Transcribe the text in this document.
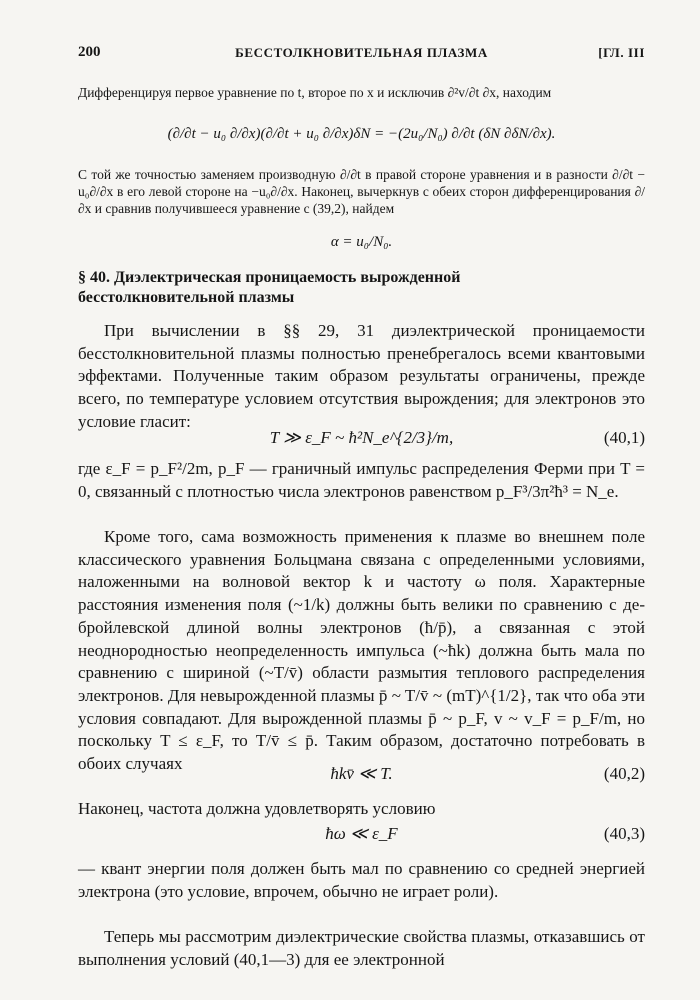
200	БЕССТОЛКНОВИТЕЛЬНАЯ ПЛАЗМА	[ГЛ. III

Дифференцируя первое уравнение по t, второе по x и исключив ∂²v/∂t ∂x, находим

(∂/∂t − u₀ ∂/∂x)(∂/∂t + u₀ ∂/∂x)δN = −(2u₀/N₀) ∂/∂t (δN ∂δN/∂x).

С той же точностью заменяем производную ∂/∂t в правой стороне уравнения и в разности ∂/∂t − u₀∂/∂x в его левой стороне на −u₀∂/∂x. Наконец, вычеркнув с обеих сторон дифференцирования ∂/∂x и сравнив получившееся уравнение с (39,2), найдем

α = u₀/N₀.
§ 40. Диэлектрическая проницаемость вырожденной
бесстолкновительной плазмы

При вычислении в §§ 29, 31 диэлектрической проницаемости бесстолкновительной плазмы полностью пренебрегалось всеми квантовыми эффектами. Полученные таким образом результаты ограничены, прежде всего, по температуре условием отсутствия вырождения; для электронов это условие гласит:

T ≫ ε_F ~ ħ²N_e^{2/3}/m,	(40,1)

где ε_F = p_F²/2m, p_F — граничный импульс распределения Ферми при T = 0, связанный с плотностью числа электронов равенством p_F³/3π²ħ³ = N_e.

Кроме того, сама возможность применения к плазме во внешнем поле классического уравнения Больцмана связана с определенными условиями, наложенными на волновой вектор k и частоту ω поля. Характерные расстояния изменения поля (~1/k) должны быть велики по сравнению с де-бройлевской длиной волны электронов (ħ/p̄), а связанная с этой неоднородностью неопределенность импульса (~ħk) должна быть мала по сравнению с шириной (~T/v̄) области размытия теплового распределения электронов. Для невырожденной плазмы p̄ ~ T/v̄ ~ (mT)^{1/2}, так что оба эти условия совпадают. Для вырожденной плазмы p̄ ~ p_F, v ~ v_F = p_F/m, но поскольку T ≤ ε_F, то T/v̄ ≤ p̄. Таким образом, достаточно потребовать в обоих случаях

ħkv̄ ≪ T.	(40,2)

Наконец, частота должна удовлетворять условию

ħω ≪ ε_F	(40,3)

— квант энергии поля должен быть мал по сравнению со средней энергией электрона (это условие, впрочем, обычно не играет роли).

Теперь мы рассмотрим диэлектрические свойства плазмы, отказавшись от выполнения условий (40,1—3) для ее электронной
